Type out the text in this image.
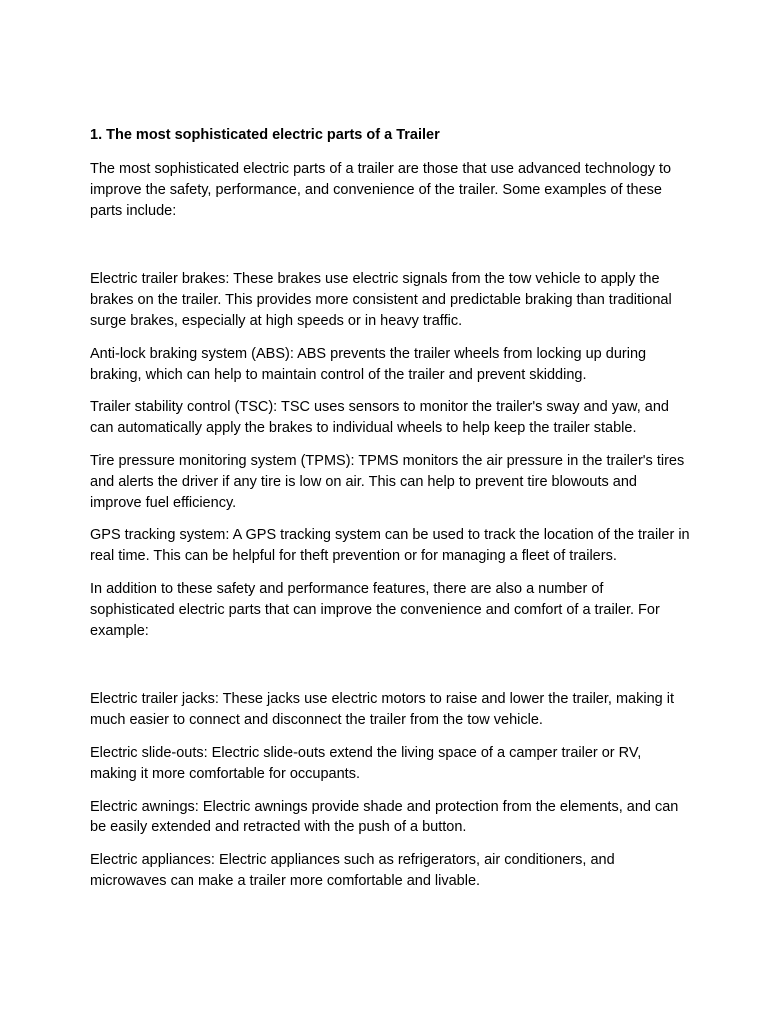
1. The most sophisticated electric parts of a Trailer

The most sophisticated electric parts of a trailer are those that use advanced technology to improve the safety, performance, and convenience of the trailer. Some examples of these parts include:

Electric trailer brakes: These brakes use electric signals from the tow vehicle to apply the brakes on the trailer. This provides more consistent and predictable braking than traditional surge brakes, especially at high speeds or in heavy traffic.

Anti-lock braking system (ABS): ABS prevents the trailer wheels from locking up during braking, which can help to maintain control of the trailer and prevent skidding.

Trailer stability control (TSC): TSC uses sensors to monitor the trailer's sway and yaw, and can automatically apply the brakes to individual wheels to help keep the trailer stable.

Tire pressure monitoring system (TPMS): TPMS monitors the air pressure in the trailer's tires and alerts the driver if any tire is low on air. This can help to prevent tire blowouts and improve fuel efficiency.

GPS tracking system: A GPS tracking system can be used to track the location of the trailer in real time. This can be helpful for theft prevention or for managing a fleet of trailers.

In addition to these safety and performance features, there are also a number of sophisticated electric parts that can improve the convenience and comfort of a trailer. For example:

Electric trailer jacks: These jacks use electric motors to raise and lower the trailer, making it much easier to connect and disconnect the trailer from the tow vehicle.

Electric slide-outs: Electric slide-outs extend the living space of a camper trailer or RV, making it more comfortable for occupants.

Electric awnings: Electric awnings provide shade and protection from the elements, and can be easily extended and retracted with the push of a button.

Electric appliances: Electric appliances such as refrigerators, air conditioners, and microwaves can make a trailer more comfortable and livable.
